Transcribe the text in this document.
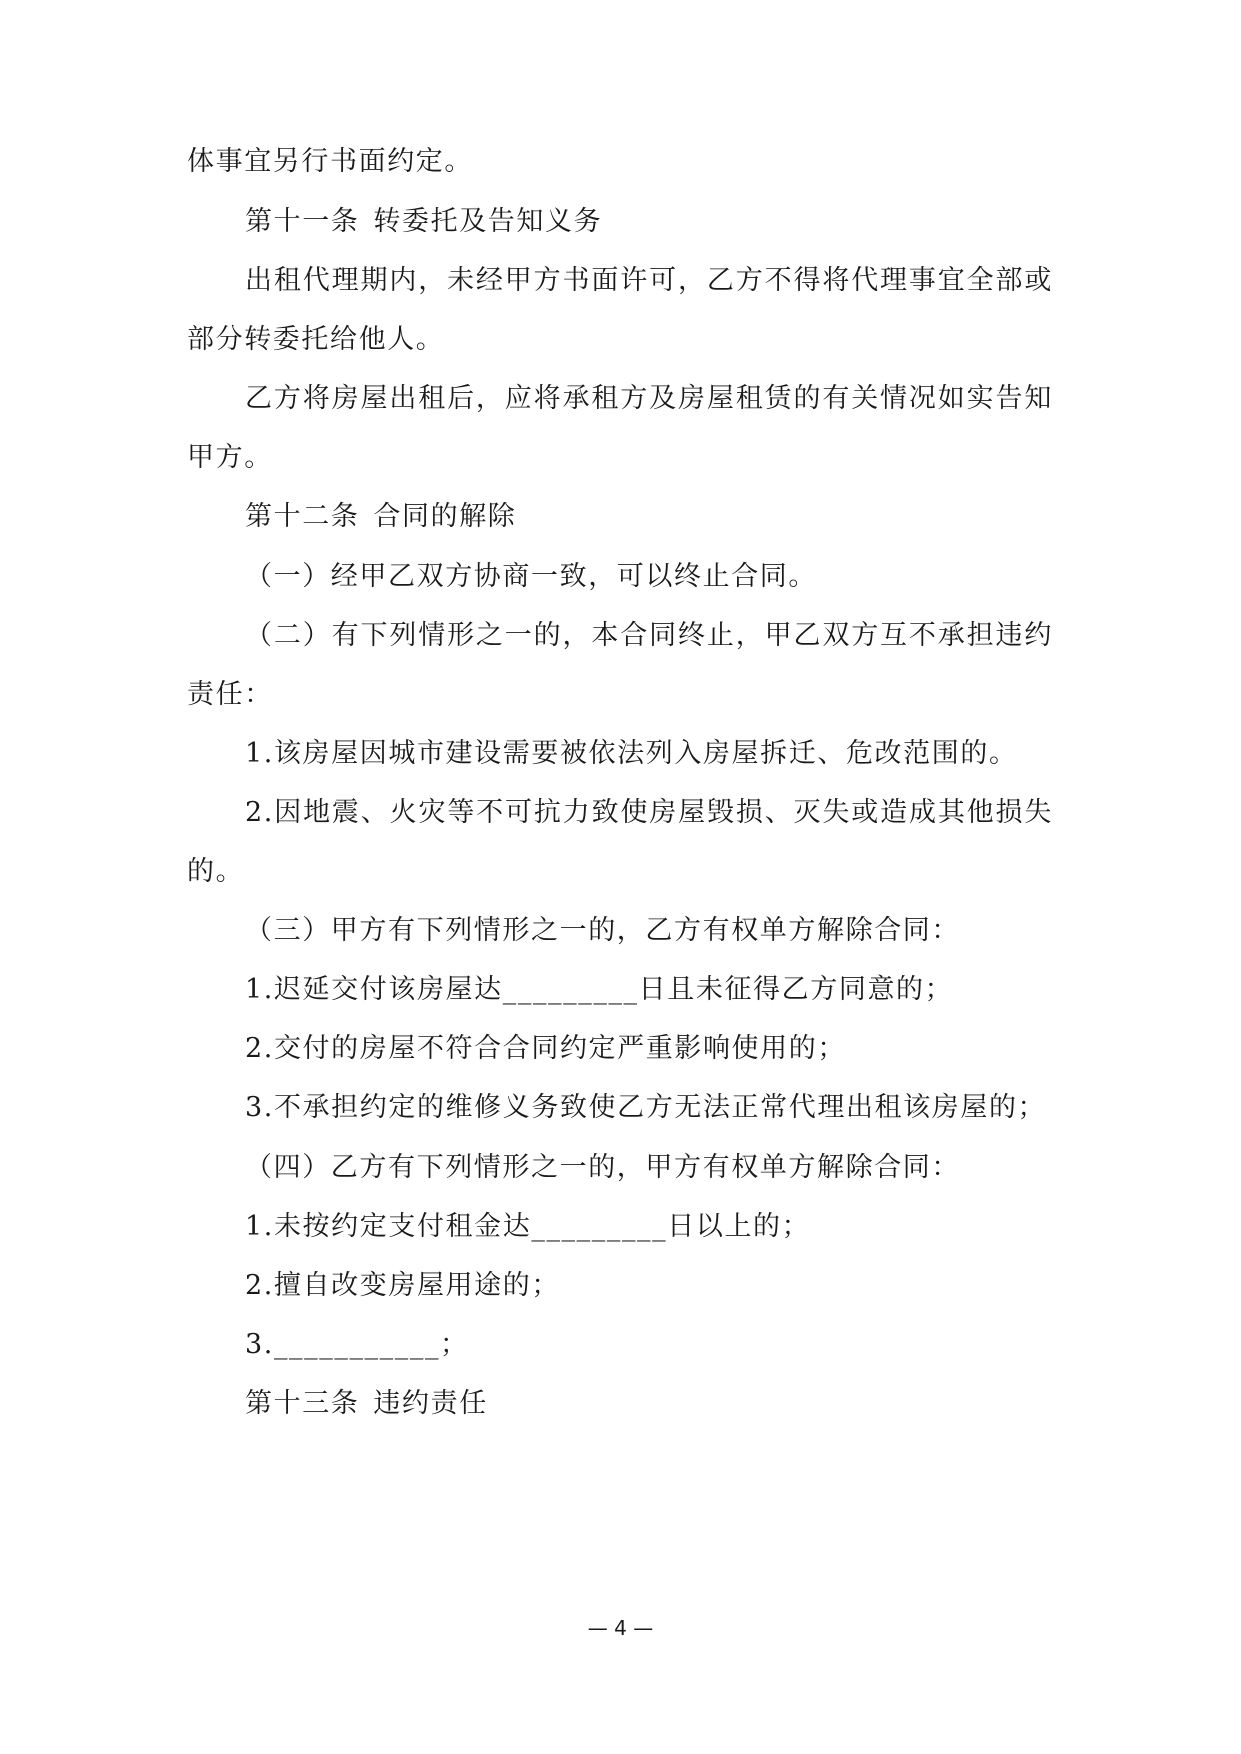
体事宜另行书面约定。
第十一条 转委托及告知义务
出租代理期内，未经甲方书面许可，乙方不得将代理事宜全部或
部分转委托给他人。
乙方将房屋出租后，应将承租方及房屋租赁的有关情况如实告知
甲方。
第十二条 合同的解除
（一）经甲乙双方协商一致，可以终止合同。
（二）有下列情形之一的，本合同终止，甲乙双方互不承担违约
责任：
1.该房屋因城市建设需要被依法列入房屋拆迁、危改范围的。
2.因地震、火灾等不可抗力致使房屋毁损、灭失或造成其他损失
的。
（三）甲方有下列情形之一的，乙方有权单方解除合同：
1.迟延交付该房屋达_________日且未征得乙方同意的；
2.交付的房屋不符合合同约定严重影响使用的；
3.不承担约定的维修义务致使乙方无法正常代理出租该房屋的；
（四）乙方有下列情形之一的，甲方有权单方解除合同：
1.未按约定支付租金达_________日以上的；
2.擅自改变房屋用途的；
3.___________；
第十三条 违约责任
— 4 —
